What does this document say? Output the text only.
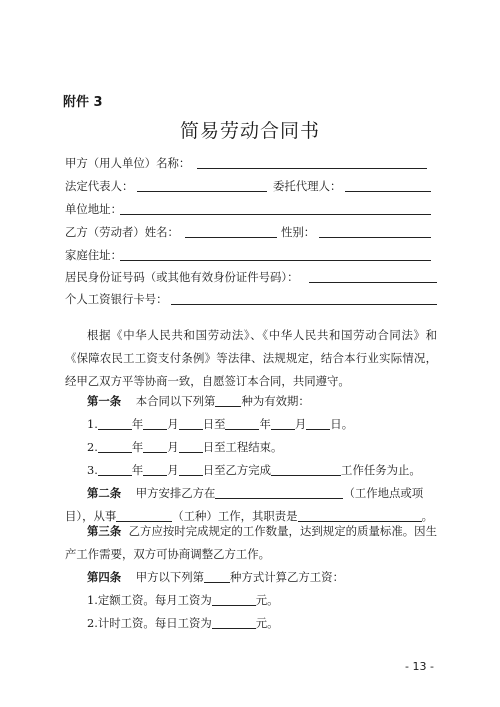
附件 3
简易劳动合同书
甲方（用人单位）名称：
法定代表人：	委托代理人：
单位地址：
乙方（劳动者）姓名：	性别：
家庭住址：
居民身份证号码（或其他有效身份证件号码）：
个人工资银行卡号：
根据《中华人民共和国劳动法》、《中华人民共和国劳动合同法》和《保障农民工工资支付条例》等法律、法规规定，结合本行业实际情况，经甲乙双方平等协商一致，自愿签订本合同，共同遵守。
第一条 本合同以下列第 种为有效期：
1.	年 月 日至	年 月 日。
2.	年 月 日至工程结束。
3.	年 月 日至乙方完成	工作任务为止。
第二条 甲方安排乙方在	（工作地点或项
目），从事	（工种）工作，其职责是	。
第三条 乙方应按时完成规定的工作数量，达到规定的质量标准。因生产工作需要，双方可协商调整乙方工作。
第四条 甲方以下列第 种方式计算乙方工资：
1.定额工资。每月工资为	元。
2.计时工资。每日工资为	元。
- 13 -
